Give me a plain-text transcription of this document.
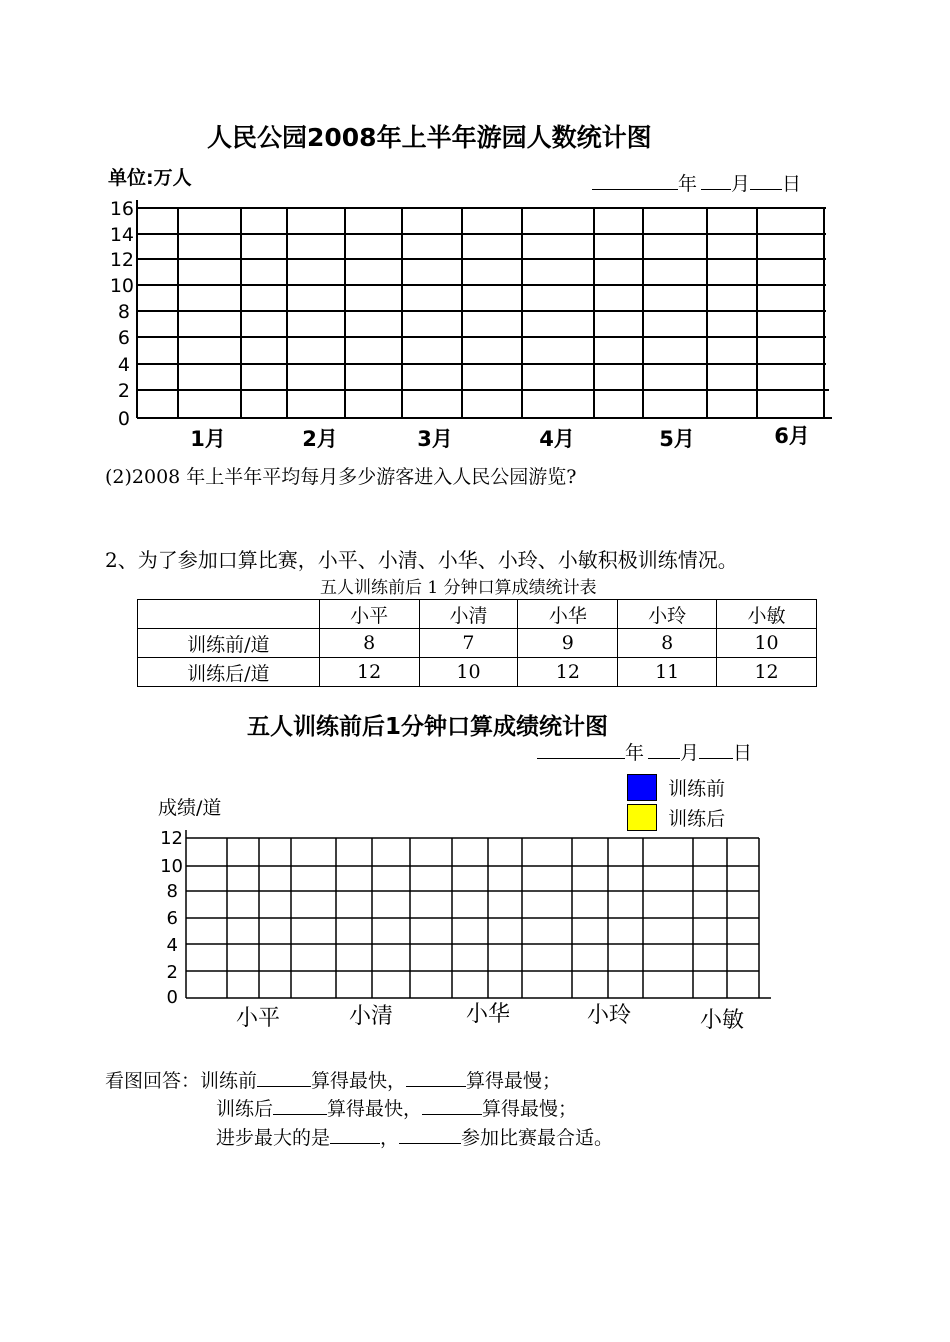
人民公园2008年上半年游园人数统计图
单位:万人	年 月 日
0
2
4
6
8
10
12
14
16
1月	2月	3月	4月	5月	6月
(2)2008 年上半年平均每月多少游客进入人民公园游览?
2、为了参加口算比赛，小平、小清、小华、小玲、小敏积极训练情况。
五人训练前后 1 分钟口算成绩统计表
	小平	小清	小华	小玲	小敏
训练前/道	8	7	9	8	10
训练后/道	12	10	12	11	12
五人训练前后1分钟口算成绩统计图
年 月 日
训练前
训练后
成绩/道
0
2
4
6
8
10
12
小平	小清	小华	小玲	小敏
看图回答：训练前	算得最快，	算得最慢；
训练后	算得最快，	算得最慢；
进步最大的是	，	参加比赛最合适。
